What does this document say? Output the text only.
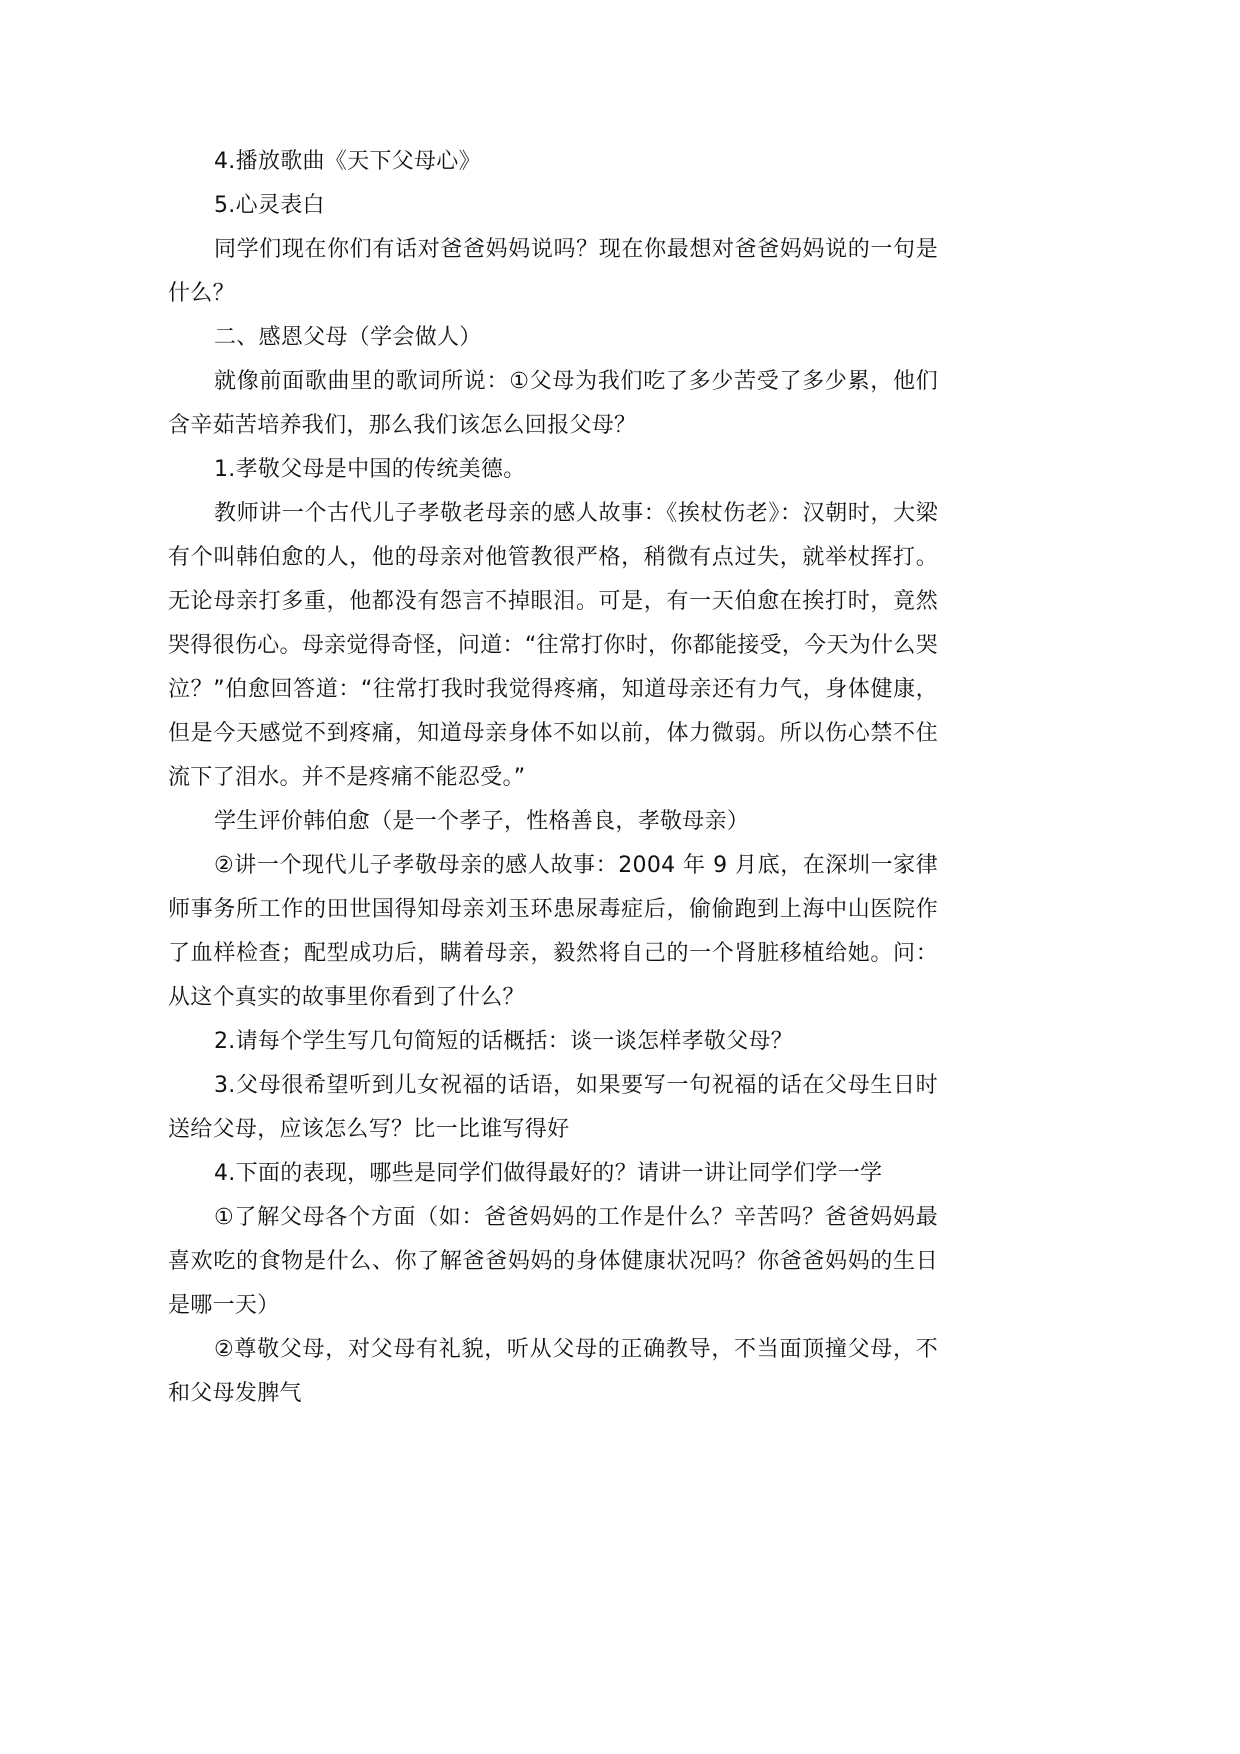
4.播放歌曲《天下父母心》

5.心灵表白

同学们现在你们有话对爸爸妈妈说吗？现在你最想对爸爸妈妈说的一句是什么？

二、感恩父母（学会做人）

就像前面歌曲里的歌词所说：①父母为我们吃了多少苦受了多少累，他们含辛茹苦培养我们，那么我们该怎么回报父母？

1.孝敬父母是中国的传统美德。

教师讲一个古代儿子孝敬老母亲的感人故事：《挨杖伤老》：汉朝时，大梁有个叫韩伯愈的人，他的母亲对他管教很严格，稍微有点过失，就举杖挥打。无论母亲打多重，他都没有怨言不掉眼泪。可是，有一天伯愈在挨打时，竟然哭得很伤心。母亲觉得奇怪，问道：“往常打你时，你都能接受，今天为什么哭泣？”伯愈回答道：“往常打我时我觉得疼痛，知道母亲还有力气，身体健康，但是今天感觉不到疼痛，知道母亲身体不如以前，体力微弱。所以伤心禁不住流下了泪水。并不是疼痛不能忍受。”

学生评价韩伯愈（是一个孝子，性格善良，孝敬母亲）

②讲一个现代儿子孝敬母亲的感人故事：2004 年 9 月底，在深圳一家律师事务所工作的田世国得知母亲刘玉环患尿毒症后，偷偷跑到上海中山医院作了血样检查；配型成功后，瞒着母亲，毅然将自己的一个肾脏移植给她。问：从这个真实的故事里你看到了什么？

2.请每个学生写几句简短的话概括：谈一谈怎样孝敬父母？

3.父母很希望听到儿女祝福的话语，如果要写一句祝福的话在父母生日时送给父母，应该怎么写？比一比谁写得好

4.下面的表现，哪些是同学们做得最好的？请讲一讲让同学们学一学

①了解父母各个方面（如：爸爸妈妈的工作是什么？辛苦吗？爸爸妈妈最喜欢吃的食物是什么、你了解爸爸妈妈的身体健康状况吗？你爸爸妈妈的生日是哪一天）

②尊敬父母，对父母有礼貌，听从父母的正确教导，不当面顶撞父母，不和父母发脾气
